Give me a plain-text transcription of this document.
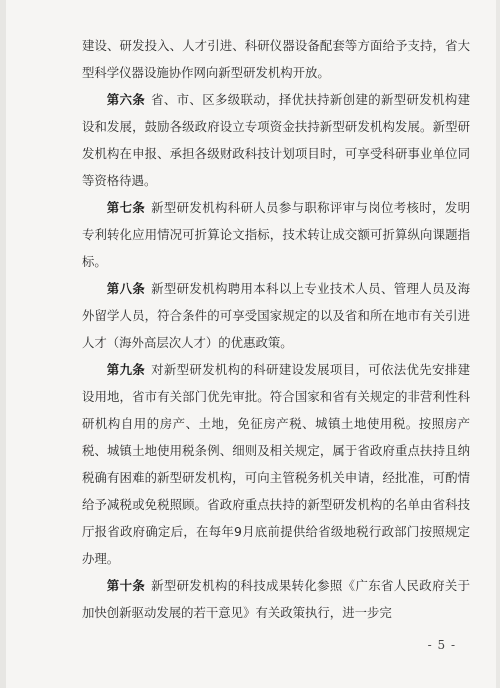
建设、研发投入、人才引进、科研仪器设备配套等方面给予支持，省大型科学仪器设施协作网向新型研发机构开放。

第六条 省、市、区多级联动，择优扶持新创建的新型研发机构建设和发展，鼓励各级政府设立专项资金扶持新型研发机构发展。新型研发机构在申报、承担各级财政科技计划项目时，可享受科研事业单位同等资格待遇。

第七条 新型研发机构科研人员参与职称评审与岗位考核时，发明专利转化应用情况可折算论文指标，技术转让成交额可折算纵向课题指标。

第八条 新型研发机构聘用本科以上专业技术人员、管理人员及海外留学人员，符合条件的可享受国家规定的以及省和所在地市有关引进人才（海外高层次人才）的优惠政策。

第九条 对新型研发机构的科研建设发展项目，可依法优先安排建设用地，省市有关部门优先审批。符合国家和省有关规定的非营利性科研机构自用的房产、土地，免征房产税、城镇土地使用税。按照房产税、城镇土地使用税条例、细则及相关规定，属于省政府重点扶持且纳税确有困难的新型研发机构，可向主管税务机关申请，经批准，可酌情给予减税或免税照顾。省政府重点扶持的新型研发机构的名单由省科技厅报省政府确定后，在每年9月底前提供给省级地税行政部门按照规定办理。

第十条 新型研发机构的科技成果转化参照《广东省人民政府关于加快创新驱动发展的若干意见》有关政策执行，进一步完

- 5 -
